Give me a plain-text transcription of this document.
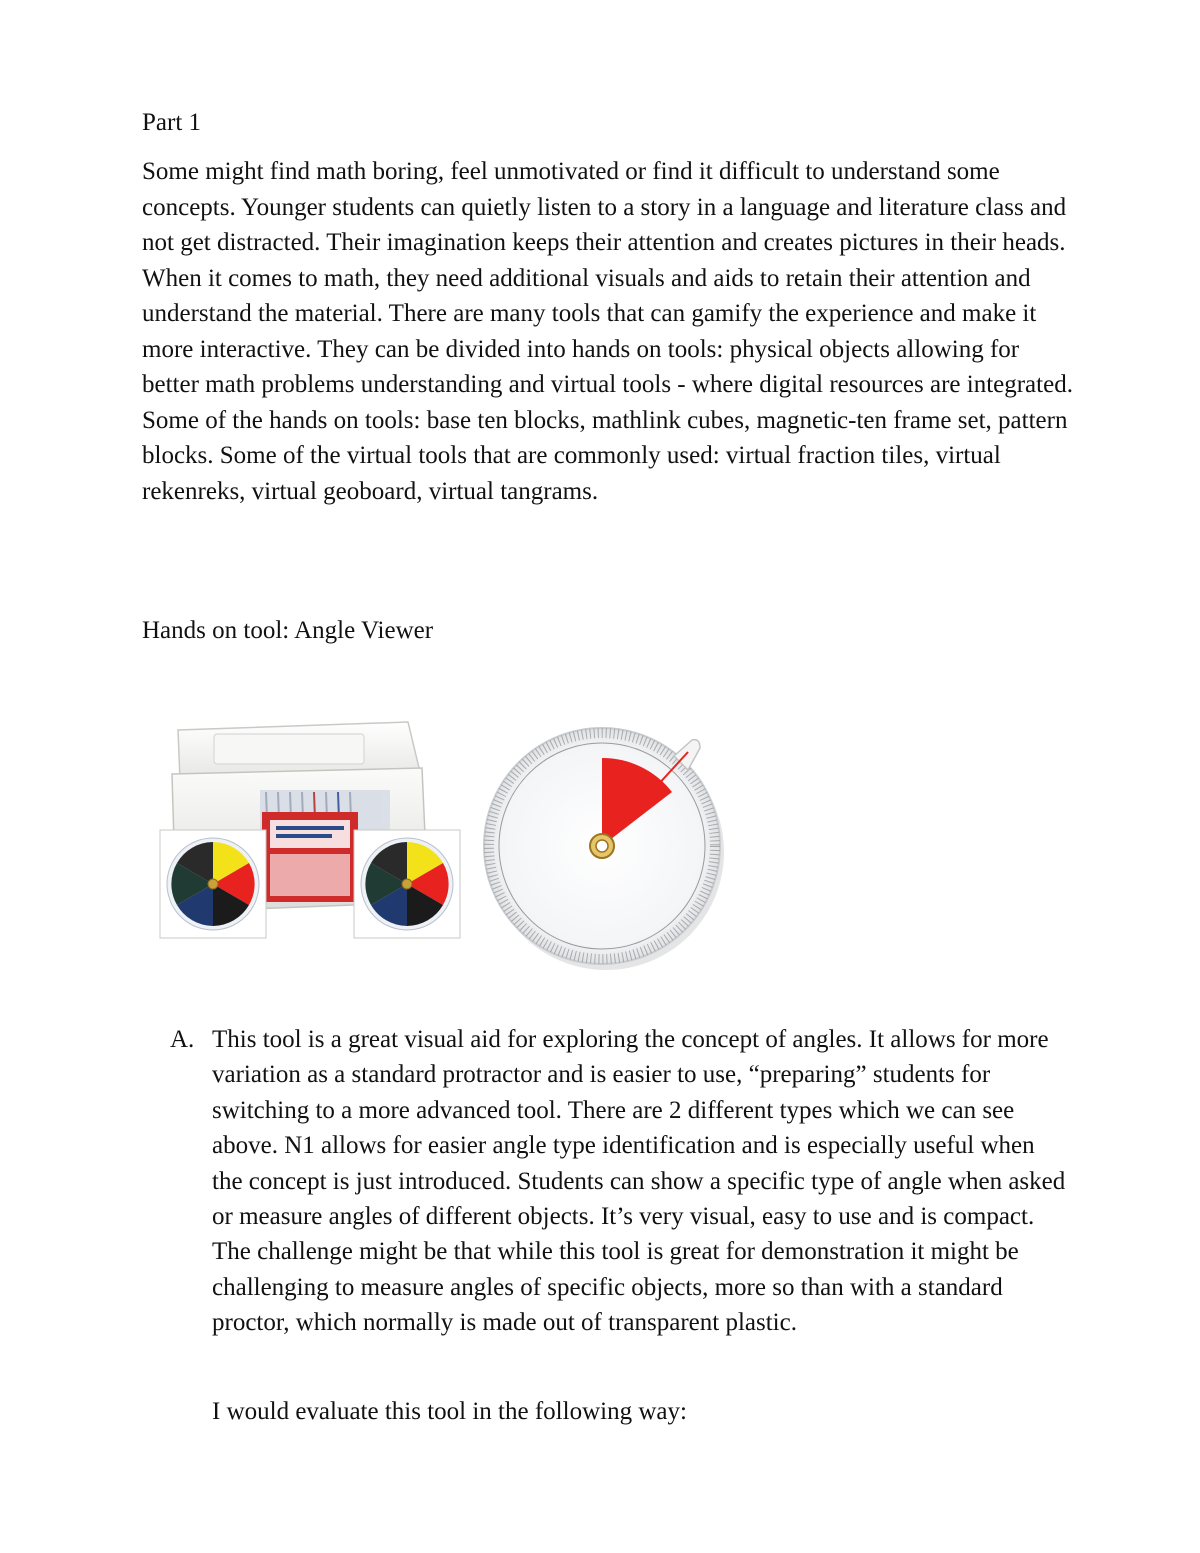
Part 1

Some might find math boring, feel unmotivated or find it difficult to understand some concepts. Younger students can quietly listen to a story in a language and literature class and not get distracted. Their imagination keeps their attention and creates pictures in their heads. When it comes to math, they need additional visuals and aids to retain their attention and understand the material. There are many tools that can gamify the experience and make it more interactive. They can be divided into hands on tools: physical objects allowing for better math problems understanding and virtual tools - where digital resources are integrated. Some of the hands on tools: base ten blocks, mathlink cubes, magnetic-ten frame set, pattern blocks. Some of the virtual tools that are commonly used: virtual fraction tiles, virtual rekenreks, virtual geoboard, virtual tangrams.

Hands on tool: Angle Viewer

A. This tool is a great visual aid for exploring the concept of angles. It allows for more variation as a standard protractor and is easier to use, “preparing” students for switching to a more advanced tool. There are 2 different types which we can see above. N1 allows for easier angle type identification and is especially useful when the concept is just introduced. Students can show a specific type of angle when asked or measure angles of different objects. It’s very visual, easy to use and is compact. The challenge might be that while this tool is great for demonstration it might be challenging to measure angles of specific objects, more so than with a standard proctor, which normally is made out of transparent plastic.

I would evaluate this tool in the following way:
